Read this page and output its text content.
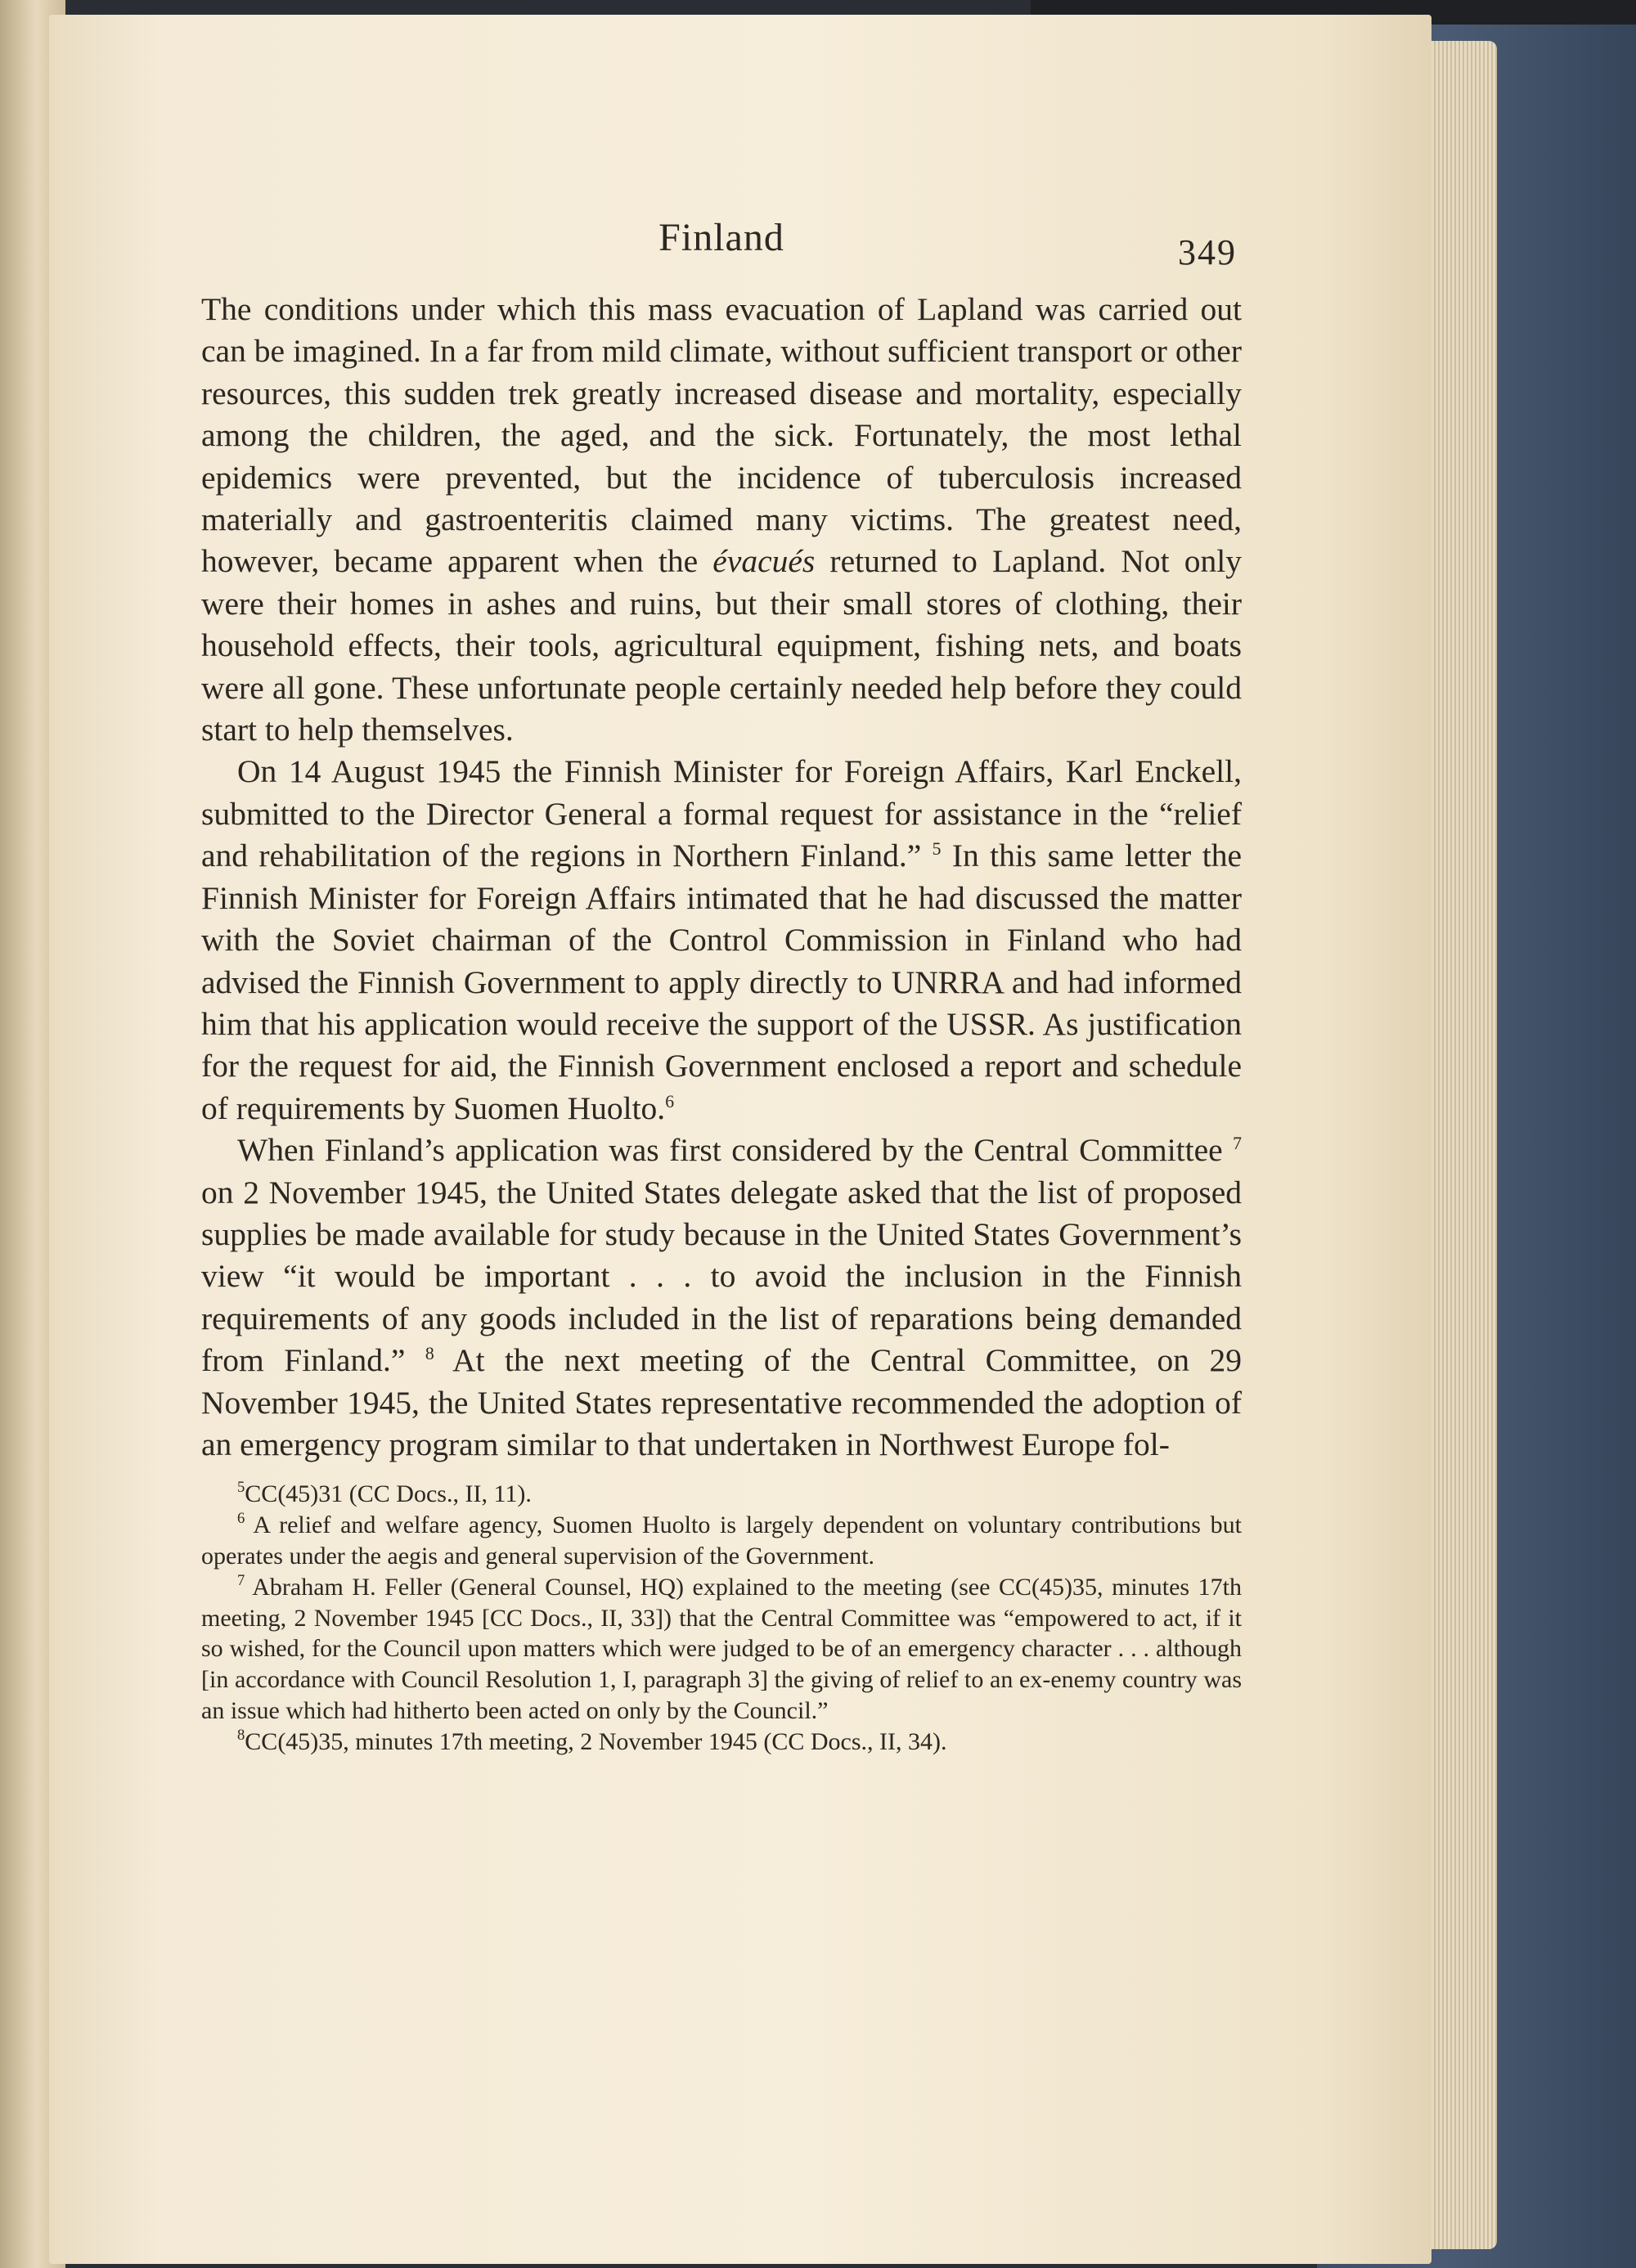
Finland	349

The conditions under which this mass evacuation of Lapland was carried out can be imagined. In a far from mild climate, without sufficient transport or other resources, this sudden trek greatly increased disease and mortality, especially among the children, the aged, and the sick. Fortunately, the most lethal epidemics were prevented, but the incidence of tuberculosis increased materially and gastroenteritis claimed many victims. The greatest need, however, became apparent when the évacués returned to Lapland. Not only were their homes in ashes and ruins, but their small stores of clothing, their household effects, their tools, agricultural equipment, fishing nets, and boats were all gone. These unfortunate people certainly needed help before they could start to help themselves.

On 14 August 1945 the Finnish Minister for Foreign Affairs, Karl Enckell, submitted to the Director General a formal request for assistance in the “relief and rehabilitation of the regions in Northern Finland.” $^5$ In this same letter the Finnish Minister for Foreign Affairs intimated that he had discussed the matter with the Soviet chairman of the Control Commission in Finland who had advised the Finnish Government to apply directly to UNRRA and had informed him that his application would receive the support of the USSR. As justification for the request for aid, the Finnish Government enclosed a report and schedule of requirements by Suomen Huolto.$^6$

When Finland’s application was first considered by the Central Committee $^7$ on 2 November 1945, the United States delegate asked that the list of proposed supplies be made available for study because in the United States Government’s view “it would be important . . . to avoid the inclusion in the Finnish requirements of any goods included in the list of reparations being demanded from Finland.” $^8$ At the next meeting of the Central Committee, on 29 November 1945, the United States representative recommended the adoption of an emergency program similar to that undertaken in Northwest Europe fol-

$^5$CC(45)31 (CC Docs., II, 11).

$^6$ A relief and welfare agency, Suomen Huolto is largely dependent on voluntary contributions but operates under the aegis and general supervision of the Government.

$^7$ Abraham H. Feller (General Counsel, HQ) explained to the meeting (see CC(45)35, minutes 17th meeting, 2 November 1945 [CC Docs., II, 33]) that the Central Committee was “empowered to act, if it so wished, for the Council upon matters which were judged to be of an emergency character . . . although [in accordance with Council Resolution 1, I, paragraph 3] the giving of relief to an ex-enemy country was an issue which had hitherto been acted on only by the Council.”

$^8$CC(45)35, minutes 17th meeting, 2 November 1945 (CC Docs., II, 34).
